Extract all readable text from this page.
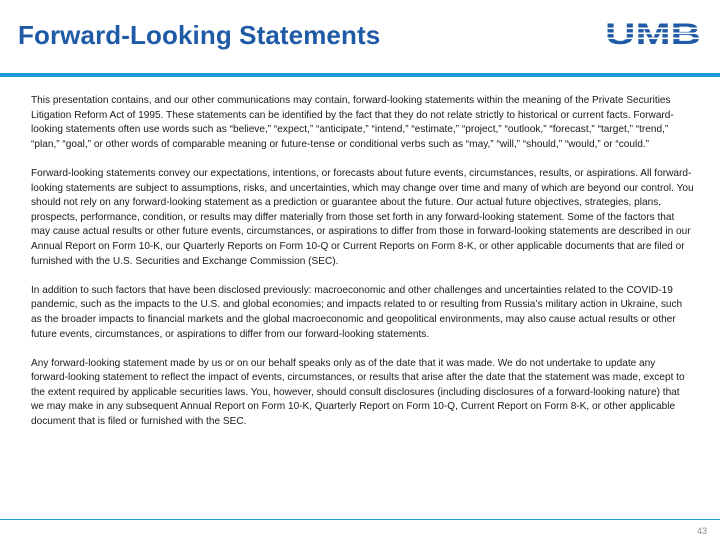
Forward-Looking Statements

This presentation contains, and our other communications may contain, forward-looking statements within the meaning of the Private Securities Litigation Reform Act of 1995. These statements can be identified by the fact that they do not relate strictly to historical or current facts. Forward-looking statements often use words such as “believe,” “expect,” “anticipate,” “intend,” “estimate,” “project,” “outlook,” “forecast,” “target,” “trend,” “plan,” “goal,” or other words of comparable meaning or future-tense or conditional verbs such as “may,” “will,” “should,” “would,” or “could.”

Forward-looking statements convey our expectations, intentions, or forecasts about future events, circumstances, results, or aspirations. All forward-looking statements are subject to assumptions, risks, and uncertainties, which may change over time and many of which are beyond our control. You should not rely on any forward-looking statement as a prediction or guarantee about the future. Our actual future objectives, strategies, plans, prospects, performance, condition, or results may differ materially from those set forth in any forward-looking statement. Some of the factors that may cause actual results or other future events, circumstances, or aspirations to differ from those in forward-looking statements are described in our Annual Report on Form 10-K, our Quarterly Reports on Form 10-Q or Current Reports on Form 8-K, or other applicable documents that are filed or furnished with the U.S. Securities and Exchange Commission (SEC).

In addition to such factors that have been disclosed previously: macroeconomic and other challenges and uncertainties related to the COVID-19 pandemic, such as the impacts to the U.S. and global economies; and impacts related to or resulting from Russia’s military action in Ukraine, such as the broader impacts to financial markets and the global macroeconomic and geopolitical environments, may also cause actual results or other future events, circumstances, or aspirations to differ from our forward-looking statements.

Any forward-looking statement made by us or on our behalf speaks only as of the date that it was made. We do not undertake to update any forward-looking statement to reflect the impact of events, circumstances, or results that arise after the date that the statement was made, except to the extent required by applicable securities laws. You, however, should consult disclosures (including disclosures of a forward-looking nature) that we may make in any subsequent Annual Report on Form 10-K, Quarterly Report on Form 10-Q, Current Report on Form 8-K, or other applicable document that is filed or furnished with the SEC.

43
